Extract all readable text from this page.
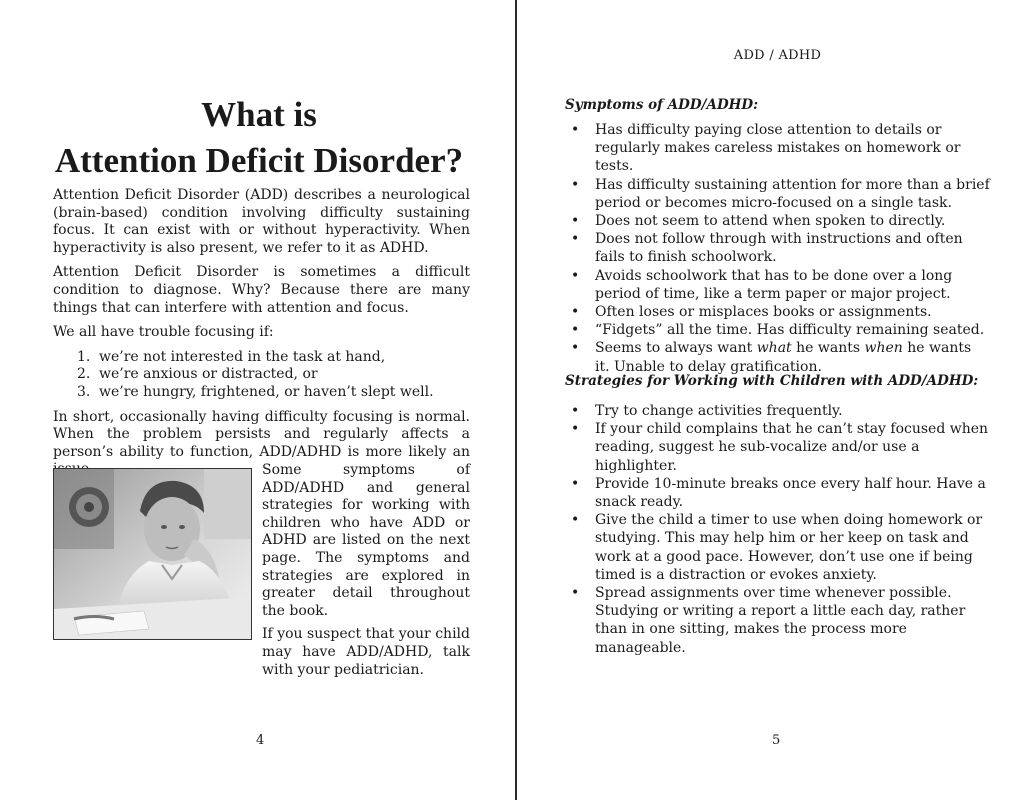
What is
Attention Deficit Disorder?

Attention Deficit Disorder (ADD) describes a neurological (brain-based) condition involving difficulty sustaining focus. It can exist with or without hyperactivity. When hyperactivity is also present, we refer to it as ADHD.

Attention Deficit Disorder is sometimes a difficult condition to diagnose. Why? Because there are many things that can interfere with attention and focus.

We all have trouble focusing if:

1. we’re not interested in the task at hand,
2. we’re anxious or distracted, or
3. we’re hungry, frightened, or haven’t slept well.

In short, occasionally having difficulty focusing is normal. When the problem persists and regularly affects a person’s ability to function, ADD/ADHD is more likely an

Some symptoms of ADD/ADHD and general strategies for working with children who have ADD or ADHD are listed on the next page. The symptoms and strategies are explored in greater detail throughout the book.

If you suspect that your child may have ADD/ADHD, talk with your pediatrician.

4
ADD / ADHD
Symptoms of ADD/ADHD:
• Has difficulty paying close attention to details or regularly makes careless mistakes on homework or tests.
• Has difficulty sustaining attention for more than a brief period or becomes micro-focused on a single task.
• Does not seem to attend when spoken to directly.
• Does not follow through with instructions and often fails to finish schoolwork.
• Avoids schoolwork that has to be done over a long period of time, like a term paper or major project.
• Often loses or misplaces books or assignments.
• “Fidgets” all the time. Has difficulty remaining seated.
• Seems to always want what he wants when he wants it. Unable to delay gratification.
Strategies for Working with Children with ADD/ADHD:
• Try to change activities frequently.
• If your child complains that he can’t stay focused when reading, suggest he sub-vocalize and/or use a highlighter.
• Provide 10-minute breaks once every half hour. Have a snack ready.
• Give the child a timer to use when doing homework or studying. This may help him or her keep on task and work at a good pace. However, don’t use one if being timed is a distraction or evokes anxiety.
• Spread assignments over time whenever possible. Studying or writing a report a little each day, rather than in one sitting, makes the process more manageable.
5
